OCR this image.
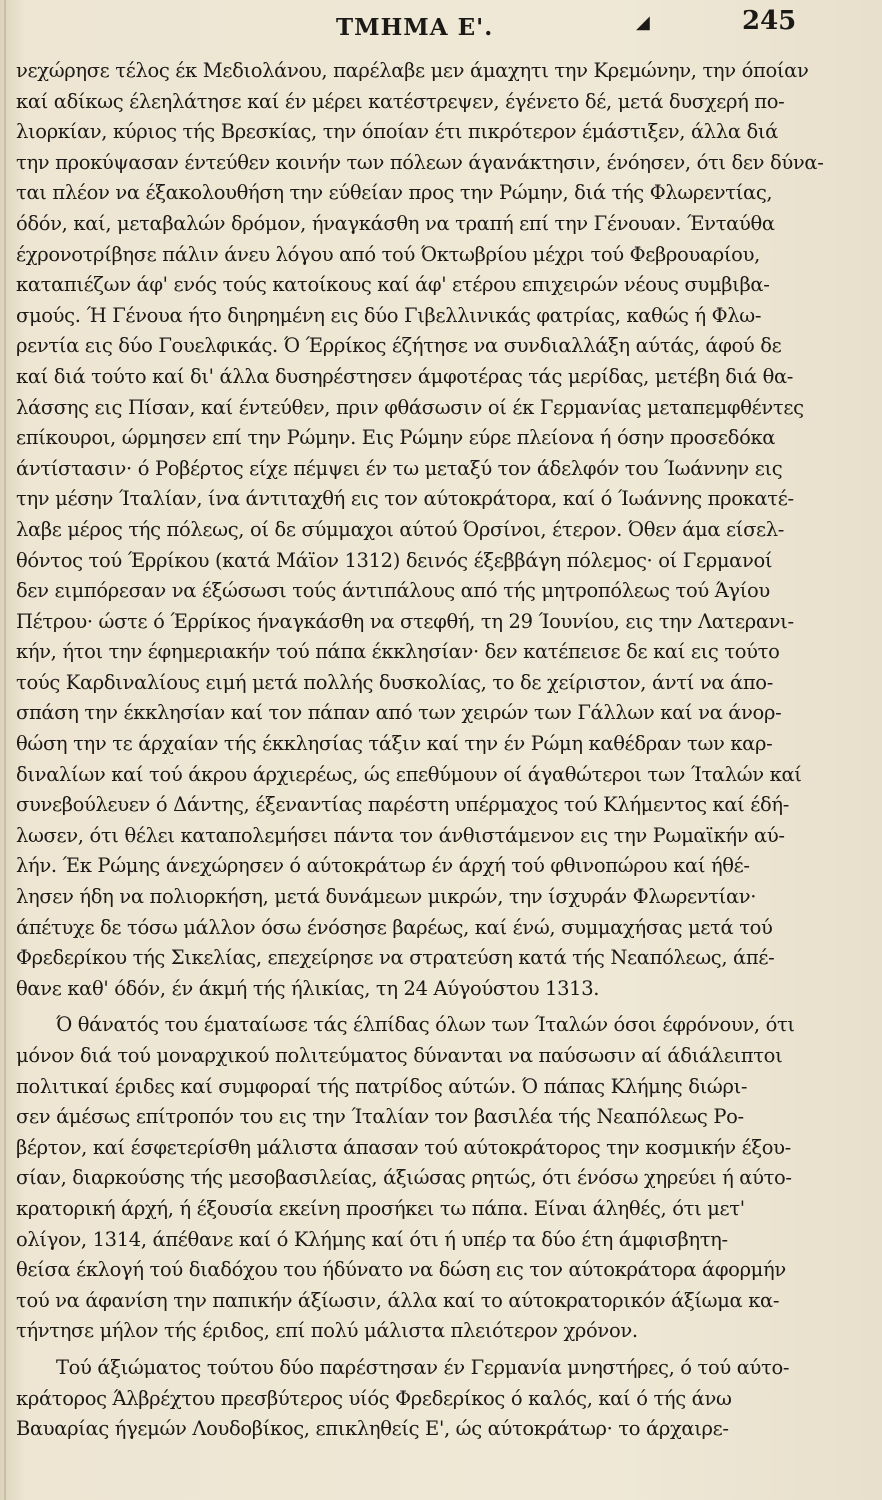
ΤΜΗΜΑ Ε'.	◢	245
νεχώρησε τέλος έκ Μεδιολάνου, παρέλαβε μεν άμαχητι την Κρεμώνην, την όποίαν
καί αδίκως έλεηλάτησε καί έν μέρει κατέστρεψεν, έγένετο δέ, μετά δυσχερή πο-
λιορκίαν, κύριος τής Βρεσκίας, την όποίαν έτι πικρότερον έμάστιξεν, άλλα διά
την προκύψασαν έντεύθεν κοινήν των πόλεων άγανάκτησιν, ένόησεν, ότι δεν δύνα-
ται πλέον να έξακολουθήση την εύθείαν προς την Ρώμην, διά τής Φλωρεντίας,
όδόν, καί, μεταβαλών δρόμον, ήναγκάσθη να τραπή επί την Γένουαν. Ένταύθα
έχρονοτρίβησε πάλιν άνευ λόγου από τού Όκτωβρίου μέχρι τού Φεβρουαρίου,
καταπιέζων άφ' ενός τούς κατοίκους καί άφ' ετέρου επιχειρών νέους συμβιβα-
σμούς. Ή Γένουα ήτο διηρημένη εις δύο Γιβελλινικάς φατρίας, καθώς ή Φλω-
ρεντία εις δύο Γουελφικάς. Ό Έρρίκος έζήτησε να συνδιαλλάξη αύτάς, άφού δε
καί διά τούτο καί δι' άλλα δυσηρέστησεν άμφοτέρας τάς μερίδας, μετέβη διά θα-
λάσσης εις Πίσαν, καί έντεύθεν, πριν φθάσωσιν οί έκ Γερμανίας μεταπεμφθέντες
επίκουροι, ώρμησεν επί την Ρώμην. Εις Ρώμην εύρε πλείονα ή όσην προσεδόκα
άντίστασιν· ό Ροβέρτος είχε πέμψει έν τω μεταξύ τον άδελφόν του Ίωάννην εις
την μέσην Ίταλίαν, ίνα άντιταχθή εις τον αύτοκράτορα, καί ό Ίωάννης προκατέ-
λαβε μέρος τής πόλεως, οί δε σύμμαχοι αύτού Όρσίνοι, έτερον. Όθεν άμα είσελ-
θόντος τού Έρρίκου (κατά Μάϊον 1312) δεινός έξεββάγη πόλεμος· οί Γερμανοί
δεν ειμπόρεσαν να έξώσωσι τούς άντιπάλους από τής μητροπόλεως τού Άγίου
Πέτρου· ώστε ό Έρρίκος ήναγκάσθη να στεφθή, τη 29 Ίουνίου, εις την Λατερανι-
κήν, ήτοι την έφημεριακήν τού πάπα έκκλησίαν· δεν κατέπεισε δε καί εις τούτο
τούς Καρδιναλίους ειμή μετά πολλής δυσκολίας, το δε χείριστον, άντί να άπο-
σπάση την έκκλησίαν καί τον πάπαν από των χειρών των Γάλλων καί να άνορ-
θώση την τε άρχαίαν τής έκκλησίας τάξιν καί την έν Ρώμη καθέδραν των καρ-
διναλίων καί τού άκρου άρχιερέως, ώς επεθύμουν οί άγαθώτεροι των Ίταλών καί
συνεβούλευεν ό Δάντης, έξεναντίας παρέστη υπέρμαχος τού Κλήμεντος καί έδή-
λωσεν, ότι θέλει καταπολεμήσει πάντα τον άνθιστάμενον εις την Ρωμαϊκήν αύ-
λήν. Έκ Ρώμης άνεχώρησεν ό αύτοκράτωρ έν άρχή τού φθινοπώρου καί ήθέ-
λησεν ήδη να πολιορκήση, μετά δυνάμεων μικρών, την ίσχυράν Φλωρεντίαν·
άπέτυχε δε τόσω μάλλον όσω ένόσησε βαρέως, καί ένώ, συμμαχήσας μετά τού
Φρεδερίκου τής Σικελίας, επεχείρησε να στρατεύση κατά τής Νεαπόλεως, άπέ-
θανε καθ' όδόν, έν άκμή τής ήλικίας, τη 24 Αύγούστου 1313.
Ό θάνατός του έματαίωσε τάς έλπίδας όλων των Ίταλών όσοι έφρόνουν, ότι
μόνον διά τού μοναρχικού πολιτεύματος δύνανται να παύσωσιν αί άδιάλειπτοι
πολιτικαί έριδες καί συμφοραί τής πατρίδος αύτών. Ό πάπας Κλήμης διώρι-
σεν άμέσως επίτροπόν του εις την Ίταλίαν τον βασιλέα τής Νεαπόλεως Ρο-
βέρτον, καί έσφετερίσθη μάλιστα άπασαν τού αύτοκράτορος την κοσμικήν έξου-
σίαν, διαρκούσης τής μεσοβασιλείας, άξιώσας ρητώς, ότι ένόσω χηρεύει ή αύτο-
κρατορική άρχή, ή έξουσία εκείνη προσήκει τω πάπα. Είναι άληθές, ότι μετ'
ολίγον, 1314, άπέθανε καί ό Κλήμης καί ότι ή υπέρ τα δύο έτη άμφισβητη-
θείσα έκλογή τού διαδόχου του ήδύνατο να δώση εις τον αύτοκράτορα άφορμήν
τού να άφανίση την παπικήν άξίωσιν, άλλα καί το αύτοκρατορικόν άξίωμα κα-
τήντησε μήλον τής έριδος, επί πολύ μάλιστα πλειότερον χρόνον.
Τού άξιώματος τούτου δύο παρέστησαν έν Γερμανία μνηστήρες, ό τού αύτο-
κράτορος Άλβρέχτου πρεσβύτερος υίός Φρεδερίκος ό καλός, καί ό τής άνω
Βαυαρίας ήγεμών Λουδοβίκος, επικληθείς Ε', ώς αύτοκράτωρ· το άρχαιρε-
